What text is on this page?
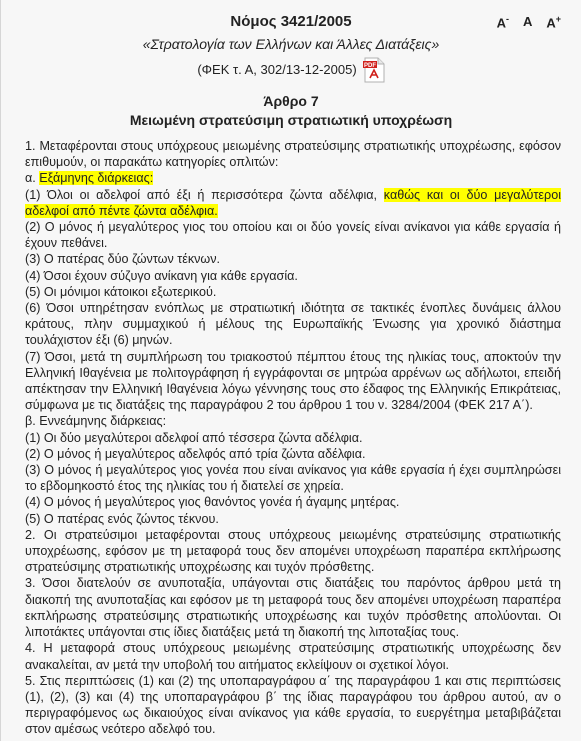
A- A A+
Νόμος 3421/2005
«Στρατολογία των Ελλήνων και Άλλες Διατάξεις»
(ΦΕΚ τ. Α, 302/13-12-2005) PDF
Άρθρο 7
Μειωμένη στρατεύσιμη στρατιωτική υποχρέωση

1. Μεταφέρονται στους υπόχρεους μειωμένης στρατεύσιμης στρατιωτικής υποχρέωσης, εφόσον επιθυμούν, οι παρακάτω κατηγορίες οπλιτών:

α. Εξάμηνης διάρκειας:

(1) Όλοι οι αδελφοί από έξι ή περισσότερα ζώντα αδέλφια, καθώς και οι δύο μεγαλύτεροι αδελφοί από πέντε ζώντα αδέλφια.

(2) Ο μόνος ή μεγαλύτερος γιος του οποίου και οι δύο γονείς είναι ανίκανοι για κάθε εργασία ή έχουν πεθάνει.

(3) Ο πατέρας δύο ζώντων τέκνων.

(4) Όσοι έχουν σύζυγο ανίκανη για κάθε εργασία.

(5) Οι μόνιμοι κάτοικοι εξωτερικού.

(6) Όσοι υπηρέτησαν ενόπλως με στρατιωτική ιδιότητα σε τακτικές ένοπλες δυνάμεις άλλου κράτους, πλην συμμαχικού ή μέλους της Ευρωπαϊκής Ένωσης για χρονικό διάστημα τουλάχιστον έξι (6) μηνών.

(7) Όσοι, μετά τη συμπλήρωση του τριακοστού πέμπτου έτους της ηλικίας τους, αποκτούν την Ελληνική Ιθαγένεια με πολιτογράφηση ή εγγράφονται σε μητρώα αρρένων ως αδήλωτοι, επειδή απέκτησαν την Ελληνική Ιθαγένεια λόγω γέννησης τους στο έδαφος της Ελληνικής Επικράτειας, σύμφωνα με τις διατάξεις της παραγράφου 2 του άρθρου 1 του ν. 3284/2004 (ΦΕΚ 217 Α΄).

β. Εννεάμηνης διάρκειας:

(1) Οι δύο μεγαλύτεροι αδελφοί από τέσσερα ζώντα αδέλφια.

(2) Ο μόνος ή μεγαλύτερος αδελφός από τρία ζώντα αδέλφια.

(3) Ο μόνος ή μεγαλύτερος γιος γονέα που είναι ανίκανος για κάθε εργασία ή έχει συμπληρώσει το εβδομηκοστό έτος της ηλικίας του ή διατελεί σε χηρεία.

(4) Ο μόνος ή μεγαλύτερος γιος θανόντος γονέα ή άγαμης μητέρας.

(5) Ο πατέρας ενός ζώντος τέκνου.

2. Οι στρατεύσιμοι μεταφέρονται στους υπόχρεους μειωμένης στρατεύσιμης στρατιωτικής υποχρέωσης, εφόσον με τη μεταφορά τους δεν απομένει υποχρέωση παραπέρα εκπλήρωσης στρατεύσιμης στρατιωτικής υποχρέωσης και τυχόν πρόσθετης.

3. Όσοι διατελούν σε ανυποταξία, υπάγονται στις διατάξεις του παρόντος άρθρου μετά τη διακοπή της ανυποταξίας και εφόσον με τη μεταφορά τους δεν απομένει υποχρέωση παραπέρα εκπλήρωσης στρατεύσιμης στρατιωτικής υποχρέωσης και τυχόν πρόσθετης απολύονται. Οι λιποτάκτες υπάγονται στις ίδιες διατάξεις μετά τη διακοπή της λιποταξίας τους.

4. Η μεταφορά στους υπόχρεους μειωμένης στρατεύσιμης στρατιωτικής υποχρέωσης δεν ανακαλείται, αν μετά την υποβολή του αιτήματος εκλείψουν οι σχετικοί λόγοι.

5. Στις περιπτώσεις (1) και (2) της υποπαραγράφου α΄ της παραγράφου 1 και στις περιπτώσεις (1), (2), (3) και (4) της υποπαραγράφου β΄ της ίδιας παραγράφου του άρθρου αυτού, αν ο περιγραφόμενος ως δικαιούχος είναι ανίκανος για κάθε εργασία, το ευεργέτημα μεταβιβάζεται στον αμέσως νεότερο αδελφό του.
